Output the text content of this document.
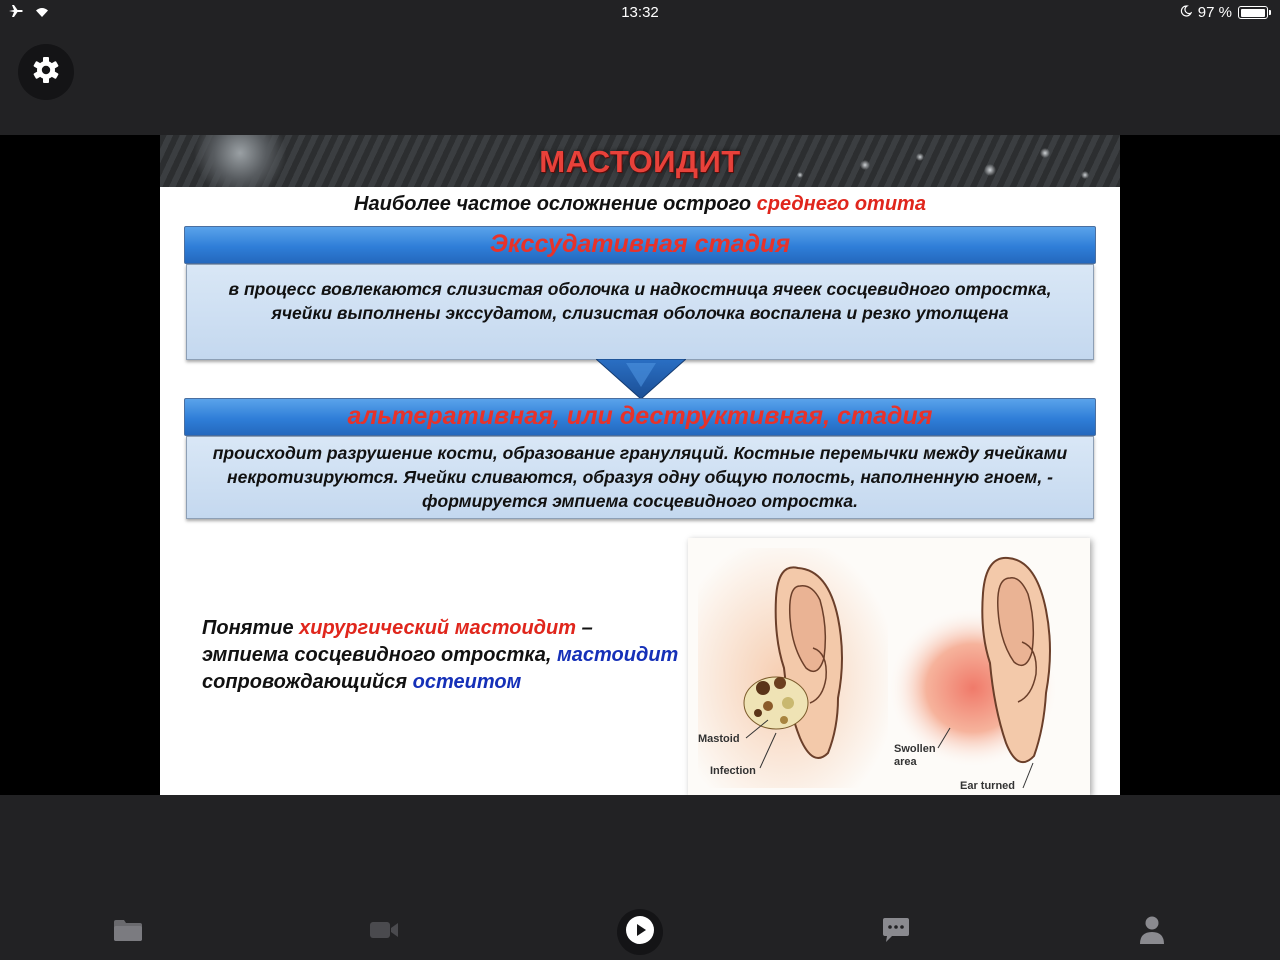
13:32	97 %
МАСТОИДИТ
Наиболее частое осложнение острого среднего отита
Экссудативная стадия
в процесс вовлекаются слизистая оболочка и надкостница ячеек сосцевидного отростка, ячейки выполнены экссудатом, слизистая оболочка воспалена и резко утолщена
альтеративная, или деструктивная, стадия
происходит разрушение кости, образование грануляций. Костные перемычки между ячейками некротизируются. Ячейки сливаются, образуя одну общую полость, наполненную гноем, - формируется эмпиема сосцевидного отростка.
Понятие хирургический мастоидит – эмпиема сосцевидного отростка, мастоидит сопровождающийся остеитом
Mastoid
Infection
Swollen area
Ear turned
